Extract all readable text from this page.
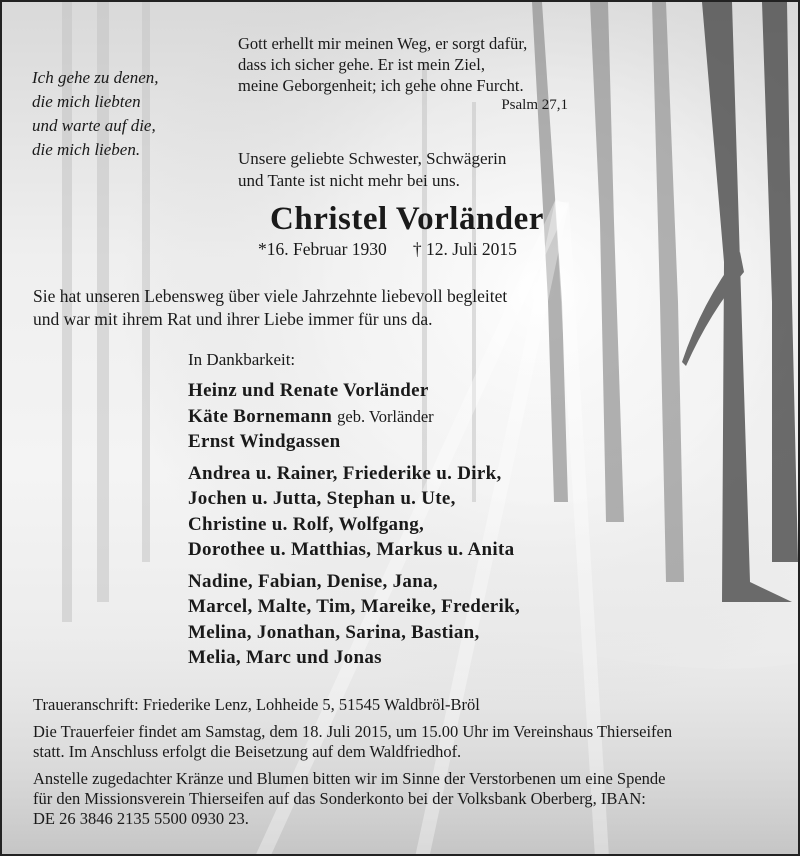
Ich gehe zu denen,
die mich liebten
und warte auf die,
die mich lieben.
Gott erhellt mir meinen Weg, er sorgt dafür,
dass ich sicher gehe. Er ist mein Ziel,
meine Geborgenheit; ich gehe ohne Furcht.
Psalm 27,1
Unsere geliebte Schwester, Schwägerin
und Tante ist nicht mehr bei uns.
Christel Vorländer
*16. Februar 1930 † 12. Juli 2015
Sie hat unseren Lebensweg über viele Jahrzehnte liebevoll begleitet
und war mit ihrem Rat und ihrer Liebe immer für uns da.
In Dankbarkeit:
Heinz und Renate Vorländer
Käte Bornemann geb. Vorländer
Ernst Windgassen
Andrea u. Rainer, Friederike u. Dirk,
Jochen u. Jutta, Stephan u. Ute,
Christine u. Rolf, Wolfgang,
Dorothee u. Matthias, Markus u. Anita
Nadine, Fabian, Denise, Jana,
Marcel, Malte, Tim, Mareike, Frederik,
Melina, Jonathan, Sarina, Bastian,
Melia, Marc und Jonas
Traueranschrift: Friederike Lenz, Lohheide 5, 51545 Waldbröl-Bröl
Die Trauerfeier findet am Samstag, dem 18. Juli 2015, um 15.00 Uhr im Vereinshaus Thierseifen
statt. Im Anschluss erfolgt die Beisetzung auf dem Waldfriedhof.
Anstelle zugedachter Kränze und Blumen bitten wir im Sinne der Verstorbenen um eine Spende
für den Missionsverein Thierseifen auf das Sonderkonto bei der Volksbank Oberberg, IBAN:
DE 26 3846 2135 5500 0930 23.
